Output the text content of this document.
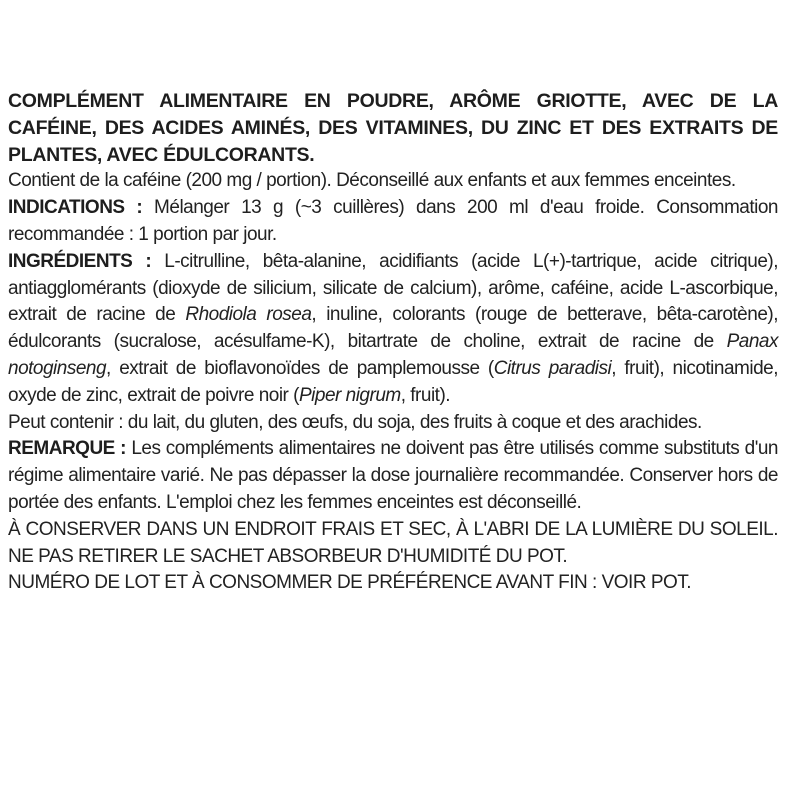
COMPLÉMENT ALIMENTAIRE EN POUDRE, ARÔME GRIOTTE, AVEC DE LA CAFÉINE, DES ACIDES AMINÉS, DES VITAMINES, DU ZINC ET DES EXTRAITS DE PLANTES, AVEC ÉDULCORANTS.

Contient de la caféine (200 mg / portion). Déconseillé aux enfants et aux femmes enceintes.

INDICATIONS : Mélanger 13 g (~3 cuillères) dans 200 ml d'eau froide. Consommation recommandée : 1 portion par jour.

INGRÉDIENTS : L-citrulline, bêta-alanine, acidifiants (acide L(+)-tartrique, acide citrique), antiagglomérants (dioxyde de silicium, silicate de calcium), arôme, caféine, acide L-ascorbique, extrait de racine de Rhodiola rosea, inuline, colorants (rouge de betterave, bêta-carotène), édulcorants (sucralose, acésulfame-K), bitartrate de choline, extrait de racine de Panax notoginseng, extrait de bioflavonoïdes de pamplemousse (Citrus paradisi, fruit), nicotinamide, oxyde de zinc, extrait de poivre noir (Piper nigrum, fruit).

Peut contenir : du lait, du gluten, des œufs, du soja, des fruits à coque et des arachides.

REMARQUE : Les compléments alimentaires ne doivent pas être utilisés comme substituts d'un régime alimentaire varié. Ne pas dépasser la dose journalière recommandée. Conserver hors de portée des enfants. L'emploi chez les femmes enceintes est déconseillé.

À CONSERVER DANS UN ENDROIT FRAIS ET SEC, À L'ABRI DE LA LUMIÈRE DU SOLEIL. NE PAS RETIRER LE SACHET ABSORBEUR D'HUMIDITÉ DU POT.

NUMÉRO DE LOT ET À CONSOMMER DE PRÉFÉRENCE AVANT FIN : VOIR POT.
